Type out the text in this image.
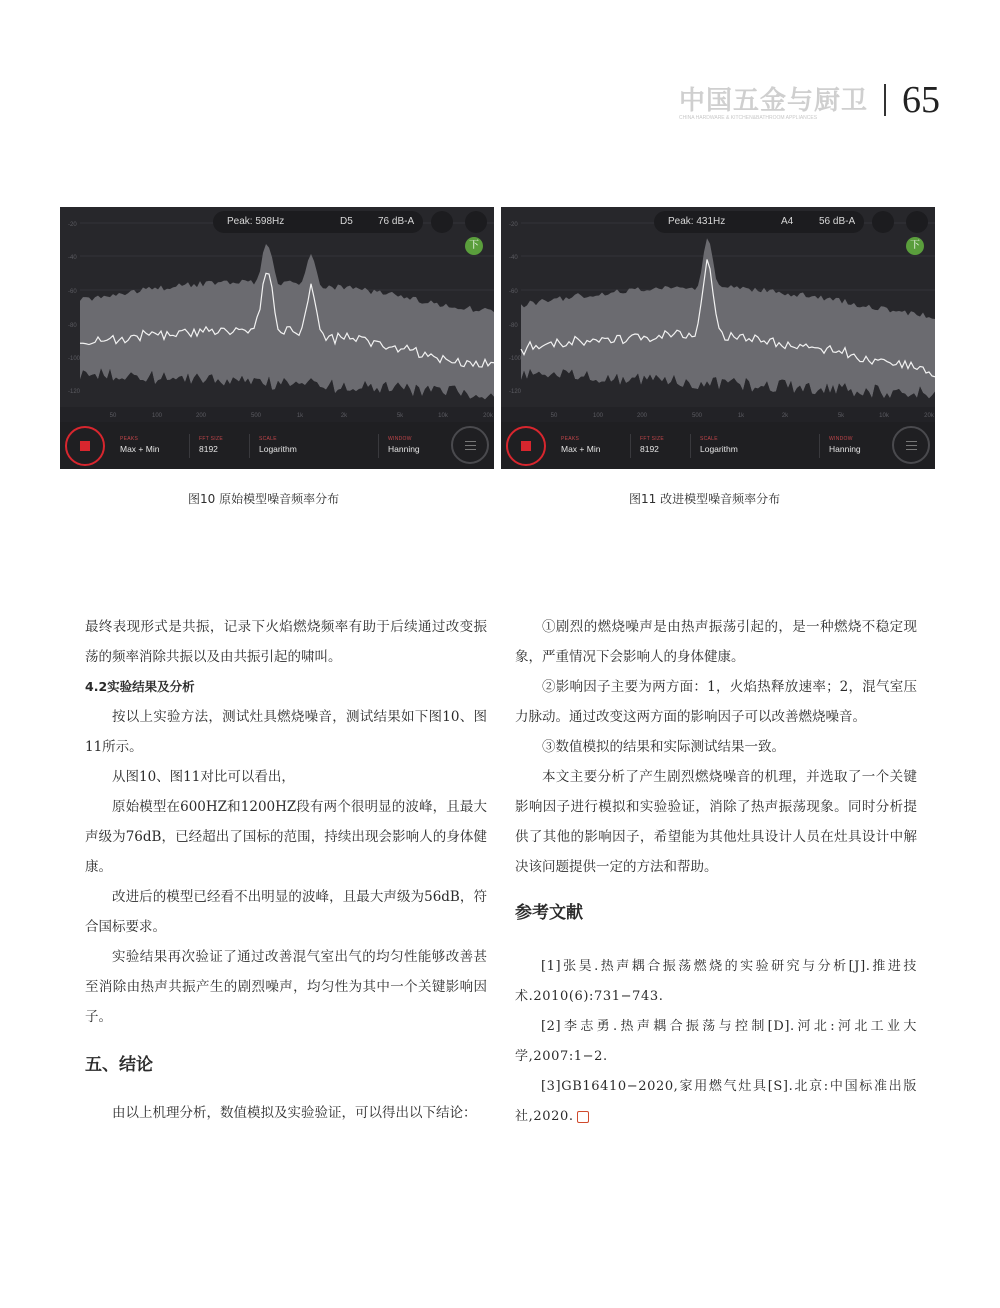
中国五金与厨卫
CHINA HARDWARE & KITCHEN&BATHROOM APPLIANCES 65
-20
-40
-60
-80
-100
-120
50	100	200	500	1k	2k	5k	10k	20k
Peak: 598Hz	D5	76 dB-A
下
PEAKS
Max + Min
FFT SIZE
8192
SCALE
Logarithm
WINDOW
Hanning
-20
-40
-60
-80
-100
-120
50	100	200	500	1k	2k	5k	10k	20k
Peak: 431Hz	A4	56 dB-A
下
PEAKS
Max + Min
FFT SIZE
8192
SCALE
Logarithm
WINDOW
Hanning
图10 原始模型噪音频率分布	图11 改进模型噪音频率分布

最终表现形式是共振，记录下火焰燃烧频率有助于后续通过改变振荡的频率消除共振以及由共振引起的啸叫。

4.2实验结果及分析

按以上实验方法，测试灶具燃烧噪音，测试结果如下图10、图11所示。

从图10、图11对比可以看出，

原始模型在600HZ和1200HZ段有两个很明显的波峰，且最大声级为76dB，已经超出了国标的范围，持续出现会影响人的身体健康。

改进后的模型已经看不出明显的波峰，且最大声级为56dB，符合国标要求。

实验结果再次验证了通过改善混气室出气的均匀性能够改善甚至消除由热声共振产生的剧烈噪声，均匀性为其中一个关键影响因子。

五、结论

由以上机理分析，数值模拟及实验验证，可以得出以下结论：

①剧烈的燃烧噪声是由热声振荡引起的，是一种燃烧不稳定现象，严重情况下会影响人的身体健康。

②影响因子主要为两方面：1，火焰热释放速率；2，混气室压力脉动。通过改变这两方面的影响因子可以改善燃烧噪音。

③数值模拟的结果和实际测试结果一致。

本文主要分析了产生剧烈燃烧噪音的机理，并选取了一个关键影响因子进行模拟和实验验证，消除了热声振荡现象。同时分析提供了其他的影响因子，希望能为其他灶具设计人员在灶具设计中解决该问题提供一定的方法和帮助。

参考文献

[1]张昊.热声耦合振荡燃烧的实验研究与分析[J].推进技术.2010(6):731−743.

[2]李志勇.热声耦合振荡与控制[D].河北:河北工业大学,2007:1−2.

[3]GB16410−2020,家用燃气灶具[S].北京:中国标准出版社,2020.
